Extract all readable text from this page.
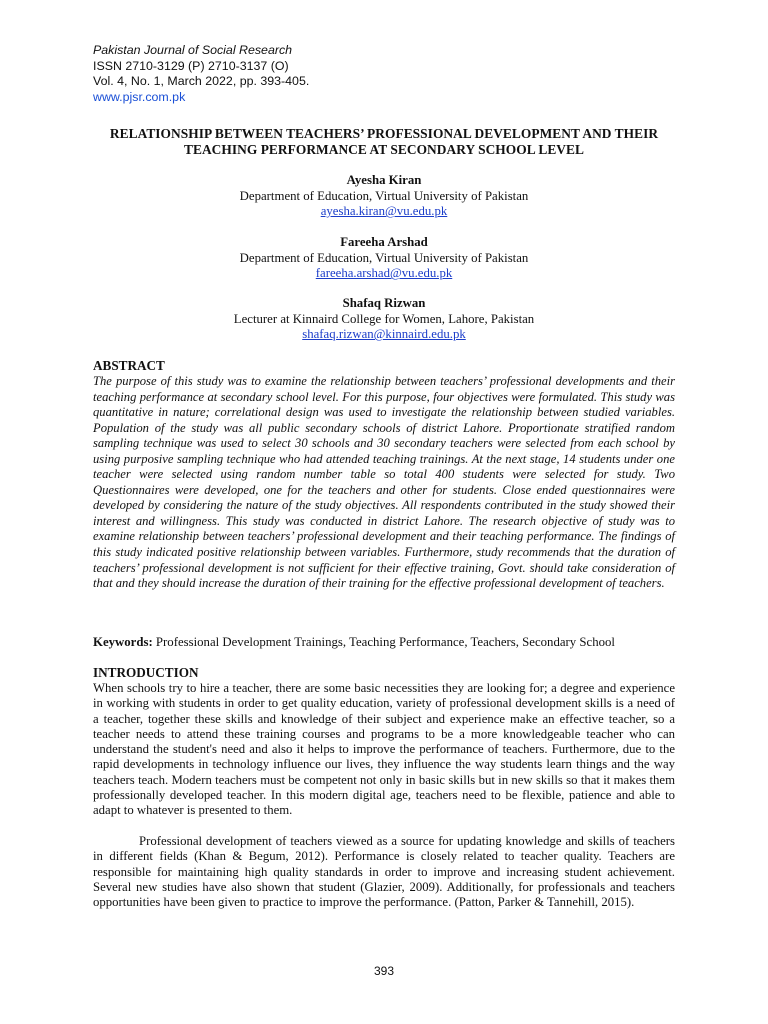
Pakistan Journal of Social Research
ISSN 2710-3129 (P) 2710-3137 (O)
Vol. 4, No. 1, March 2022, pp. 393-405.
www.pjsr.com.pk
RELATIONSHIP BETWEEN TEACHERS’ PROFESSIONAL DEVELOPMENT AND THEIR TEACHING PERFORMANCE AT SECONDARY SCHOOL LEVEL
Ayesha Kiran
Department of Education, Virtual University of Pakistan
ayesha.kiran@vu.edu.pk
Fareeha Arshad
Department of Education, Virtual University of Pakistan
fareeha.arshad@vu.edu.pk
Shafaq Rizwan
Lecturer at Kinnaird College for Women, Lahore, Pakistan
shafaq.rizwan@kinnaird.edu.pk
ABSTRACT
The purpose of this study was to examine the relationship between teachers’ professional developments and their teaching performance at secondary school level. For this purpose, four objectives were formulated. This study was quantitative in nature; correlational design was used to investigate the relationship between studied variables. Population of the study was all public secondary schools of district Lahore. Proportionate stratified random sampling technique was used to select 30 schools and 30 secondary teachers were selected from each school by using purposive sampling technique who had attended teaching trainings. At the next stage, 14 students under one teacher were selected using random number table so total 400 students were selected for study. Two Questionnaires were developed, one for the teachers and other for students. Close ended questionnaires were developed by considering the nature of the study objectives. All respondents contributed in the study showed their interest and willingness. This study was conducted in district Lahore. The research objective of study was to examine relationship between teachers’ professional development and their teaching performance. The findings of this study indicated positive relationship between variables. Furthermore, study recommends that the duration of teachers’ professional development is not sufficient for their effective training, Govt. should take consideration of that and they should increase the duration of their training for the effective professional development of teachers.
Keywords: Professional Development Trainings, Teaching Performance, Teachers, Secondary School
INTRODUCTION
When schools try to hire a teacher, there are some basic necessities they are looking for; a degree and experience in working with students in order to get quality education, variety of professional development skills is a need of a teacher, together these skills and knowledge of their subject and experience make an effective teacher, so a teacher needs to attend these training courses and programs to be a more knowledgeable teacher who can understand the student's need and also it helps to improve the performance of teachers. Furthermore, due to the rapid developments in technology influence our lives, they influence the way students learn things and the way teachers teach. Modern teachers must be competent not only in basic skills but in new skills so that it makes them professionally developed teacher. In this modern digital age, teachers need to be flexible, patience and able to adapt to whatever is presented to them.
Professional development of teachers viewed as a source for updating knowledge and skills of teachers in different fields (Khan & Begum, 2012). Performance is closely related to teacher quality. Teachers are responsible for maintaining high quality standards in order to improve and increasing student achievement. Several new studies have also shown that student (Glazier, 2009). Additionally, for professionals and teachers opportunities have been given to practice to improve the performance. (Patton, Parker & Tannehill, 2015).
393
